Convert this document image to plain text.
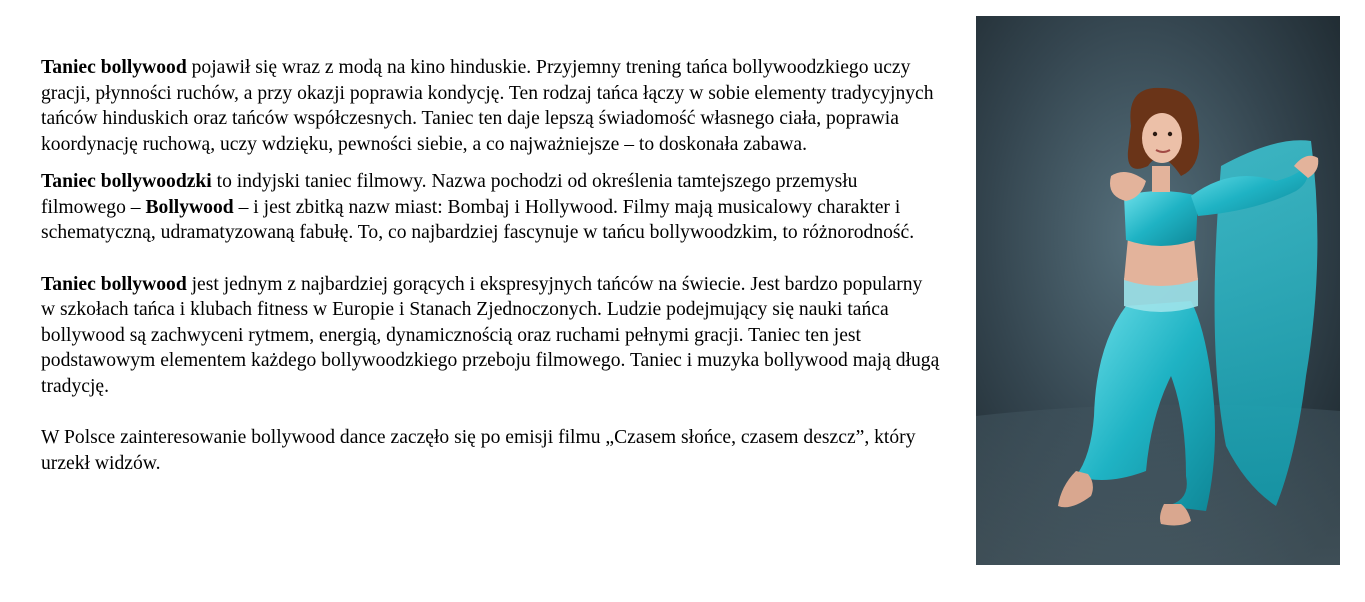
Taniec bollywood pojawił się wraz z modą na kino hinduskie. Przyjemny trening tańca bollywoodzkiego uczy gracji, płynności ruchów, a przy okazji poprawia kondycję. Ten rodzaj tańca łączy w sobie elementy tradycyjnych tańców hinduskich oraz tańców współczesnych. Taniec ten daje lepszą świadomość własnego ciała, poprawia koordynację ruchową, uczy wdzięku, pewności siebie, a co najważniejsze – to doskonała zabawa.

Taniec bollywoodzki to indyjski taniec filmowy. Nazwa pochodzi od określenia tamtejszego przemysłu filmowego – Bollywood – i jest zbitką nazw miast: Bombaj i Hollywood. Filmy mają musicalowy charakter i schematyczną, udramatyzowaną fabułę. To, co najbardziej fascynuje w tańcu bollywoodzkim, to różnorodność.

Taniec bollywood jest jednym z najbardziej gorących i ekspresyjnych tańców na świecie. Jest bardzo popularny w szkołach tańca i klubach fitness w Europie i Stanach Zjednoczonych. Ludzie podejmujący się nauki tańca bollywood są zachwyceni rytmem, energią, dynamicznością oraz ruchami pełnymi gracji. Taniec ten jest podstawowym elementem każdego bollywoodzkiego przeboju filmowego. Taniec i muzyka bollywood mają długą tradycję.

W Polsce zainteresowanie bollywood dance zaczęło się po emisji filmu „Czasem słońce, czasem deszcz”, który urzekł widzów.
